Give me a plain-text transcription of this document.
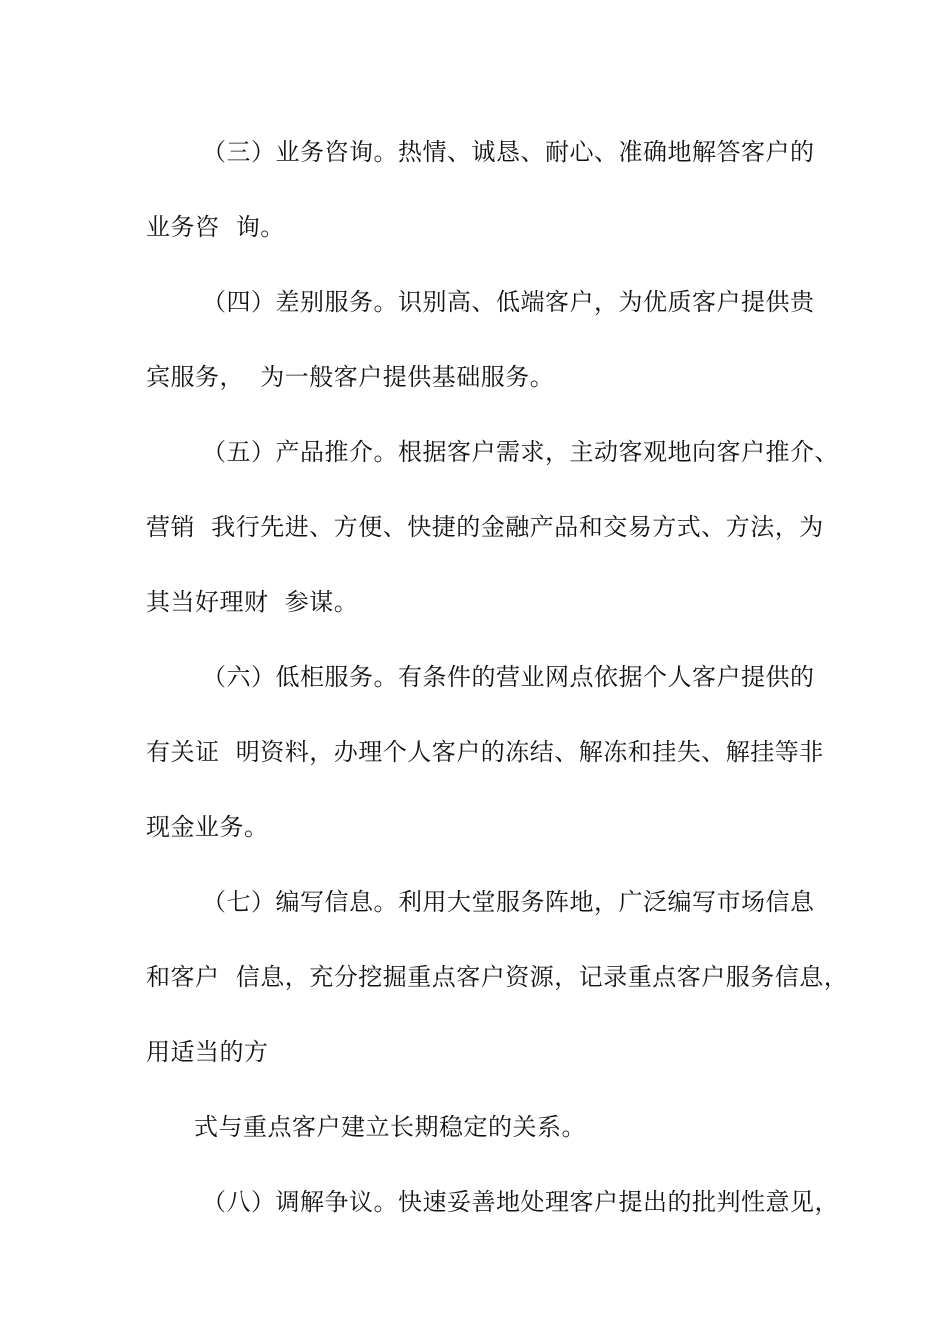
（三）业务咨询。热情、诚恳、耐心、准确地解答客户的
业务咨  询。
（四）差别服务。识别高、低端客户，为优质客户提供贵
宾服务，  为一般客户提供基础服务。
（五）产品推介。根据客户需求，主动客观地向客户推介、
营销  我行先进、方便、快捷的金融产品和交易方式、方法，为
其当好理财  参谋。
（六）低柜服务。有条件的营业网点依据个人客户提供的
有关证  明资料，办理个人客户的冻结、解冻和挂失、解挂等非
现金业务。
（七）编写信息。利用大堂服务阵地，广泛编写市场信息
和客户  信息，充分挖掘重点客户资源，记录重点客户服务信息，
用适当的方
式与重点客户建立长期稳定的关系。
（八）调解争议。快速妥善地处理客户提出的批判性意见，
